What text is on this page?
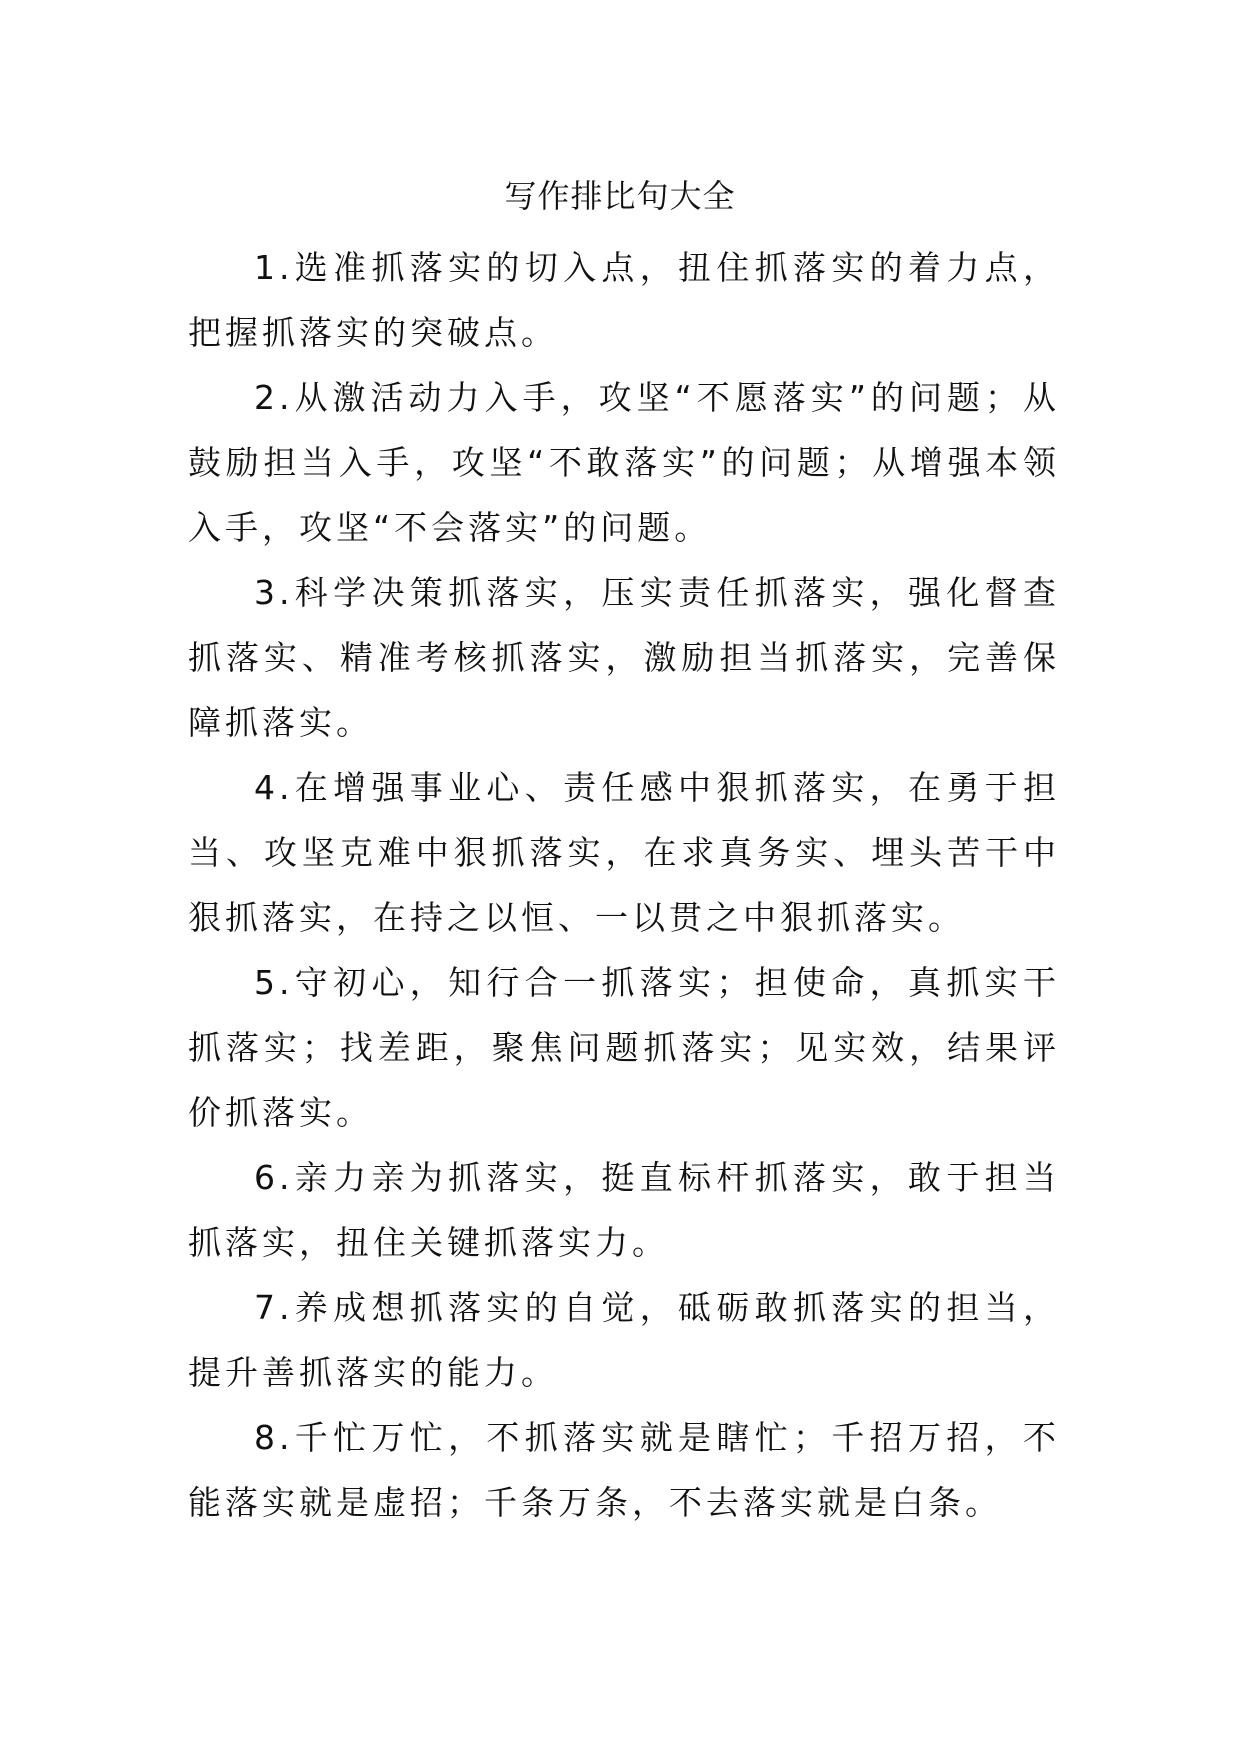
写作排比句大全

1.选准抓落实的切入点，扭住抓落实的着力点，把握抓落实的突破点。

2.从激活动力入手，攻坚“不愿落实”的问题；从鼓励担当入手，攻坚“不敢落实”的问题；从增强本领入手，攻坚“不会落实”的问题。

3.科学决策抓落实，压实责任抓落实，强化督查抓落实、精准考核抓落实，激励担当抓落实，完善保障抓落实。

4.在增强事业心、责任感中狠抓落实，在勇于担当、攻坚克难中狠抓落实，在求真务实、埋头苦干中狠抓落实，在持之以恒、一以贯之中狠抓落实。

5.守初心，知行合一抓落实；担使命，真抓实干抓落实；找差距，聚焦问题抓落实；见实效，结果评价抓落实。

6.亲力亲为抓落实，挺直标杆抓落实，敢于担当抓落实，扭住关键抓落实力。

7.养成想抓落实的自觉，砥砺敢抓落实的担当，提升善抓落实的能力。

8.千忙万忙，不抓落实就是瞎忙；千招万招，不能落实就是虚招；千条万条，不去落实就是白条。
